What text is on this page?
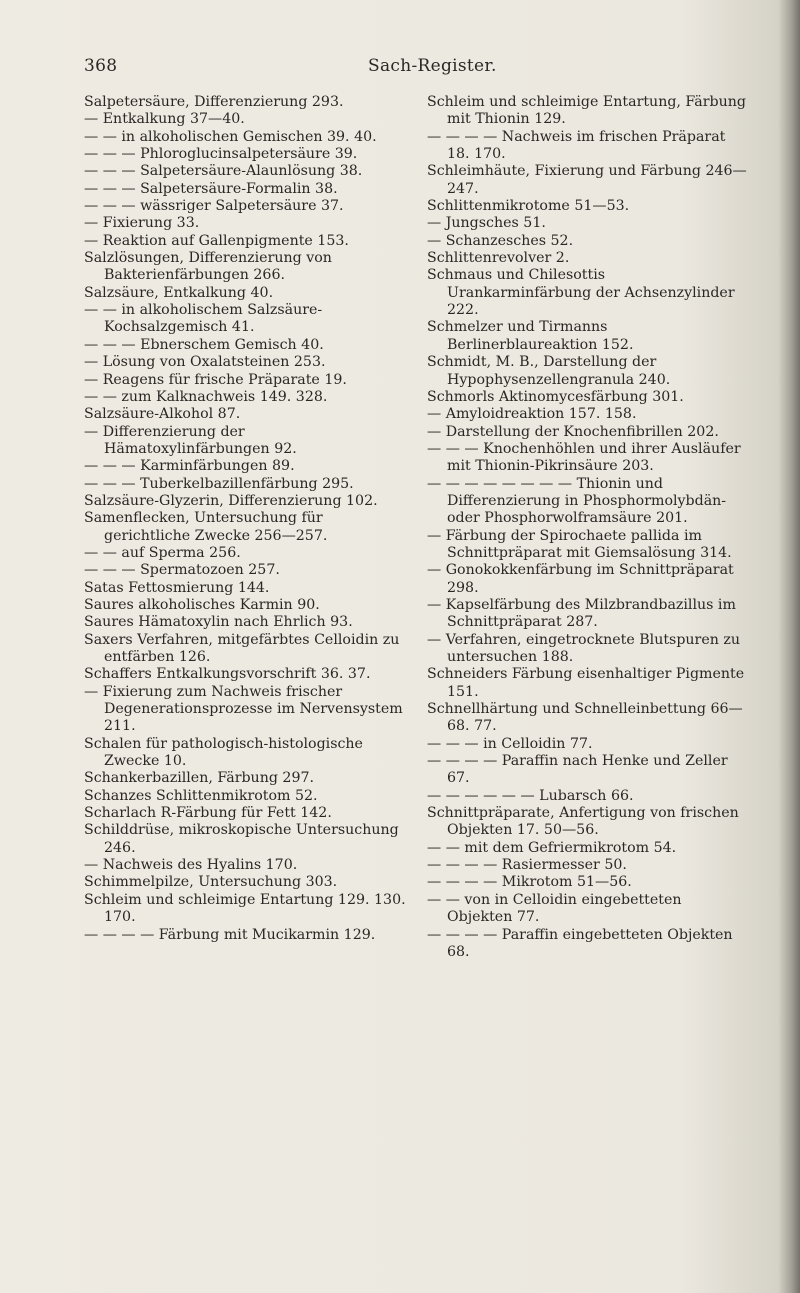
368	Sach-Register.
Salpetersäure, Differenzierung 293.
— Entkalkung 37—40.
— — in alkoholischen Gemischen 39. 40.
— — — Phloroglucinsalpetersäure 39.
— — — Salpetersäure-Alaunlösung 38.
— — — Salpetersäure-Formalin 38.
— — — wässriger Salpetersäure 37.
— Fixierung 33.
— Reaktion auf Gallenpigmente 153.
Salzlösungen, Differenzierung von Bakterienfärbungen 266.
Salzsäure, Entkalkung 40.
— — in alkoholischem Salzsäure-Kochsalzgemisch 41.
— — — Ebnerschem Gemisch 40.
— Lösung von Oxalatsteinen 253.
— Reagens für frische Präparate 19.
— — zum Kalknachweis 149. 328.
Salzsäure-Alkohol 87.
— Differenzierung der Hämatoxylinfärbungen 92.
— — — Karminfärbungen 89.
— — — Tuberkelbazillenfärbung 295.
Salzsäure-Glyzerin, Differenzierung 102.
Samenflecken, Untersuchung für gerichtliche Zwecke 256—257.
— — auf Sperma 256.
— — — Spermatozoen 257.
Satas Fettosmierung 144.
Saures alkoholisches Karmin 90.
Saures Hämatoxylin nach Ehrlich 93.
Saxers Verfahren, mitgefärbtes Celloidin zu entfärben 126.
Schaffers Entkalkungsvorschrift 36. 37.
— Fixierung zum Nachweis frischer Degenerationsprozesse im Nervensystem 211.
Schalen für pathologisch-histologische Zwecke 10.
Schankerbazillen, Färbung 297.
Schanzes Schlittenmikrotom 52.
Scharlach R-Färbung für Fett 142.
Schilddrüse, mikroskopische Untersuchung 246.
— Nachweis des Hyalins 170.
Schimmelpilze, Untersuchung 303.
Schleim und schleimige Entartung 129. 130. 170.
— — — — Färbung mit Mucikarmin 129.
Schleim und schleimige Entartung, Färbung mit Thionin 129.
— — — — Nachweis im frischen Präparat 18. 170.
Schleimhäute, Fixierung und Färbung 246—247.
Schlittenmikrotome 51—53.
— Jungsches 51.
— Schanzesches 52.
Schlittenrevolver 2.
Schmaus und Chilesottis Urankarminfärbung der Achsenzylinder 222.
Schmelzer und Tirmanns Berlinerblaureaktion 152.
Schmidt, M. B., Darstellung der Hypophysenzellengranula 240.
Schmorls Aktinomycesfärbung 301.
— Amyloidreaktion 157. 158.
— Darstellung der Knochenfibrillen 202.
— — — Knochenhöhlen und ihrer Ausläufer mit Thionin-Pikrinsäure 203.
— — — — — — — — Thionin und Differenzierung in Phosphormolybdän- oder Phosphorwolframsäure 201.
— Färbung der Spirochaete pallida im Schnittpräparat mit Giemsalösung 314.
— Gonokokkenfärbung im Schnittpräparat 298.
— Kapselfärbung des Milzbrandbazillus im Schnittpräparat 287.
— Verfahren, eingetrocknete Blutspuren zu untersuchen 188.
Schneiders Färbung eisenhaltiger Pigmente 151.
Schnellhärtung und Schnelleinbettung 66—68. 77.
— — — in Celloidin 77.
— — — — Paraffin nach Henke und Zeller 67.
— — — — — — Lubarsch 66.
Schnittpräparate, Anfertigung von frischen Objekten 17. 50—56.
— — mit dem Gefriermikrotom 54.
— — — — Rasiermesser 50.
— — — — Mikrotom 51—56.
— — von in Celloidin eingebetteten Objekten 77.
— — — — Paraffin eingebetteten Objekten 68.
